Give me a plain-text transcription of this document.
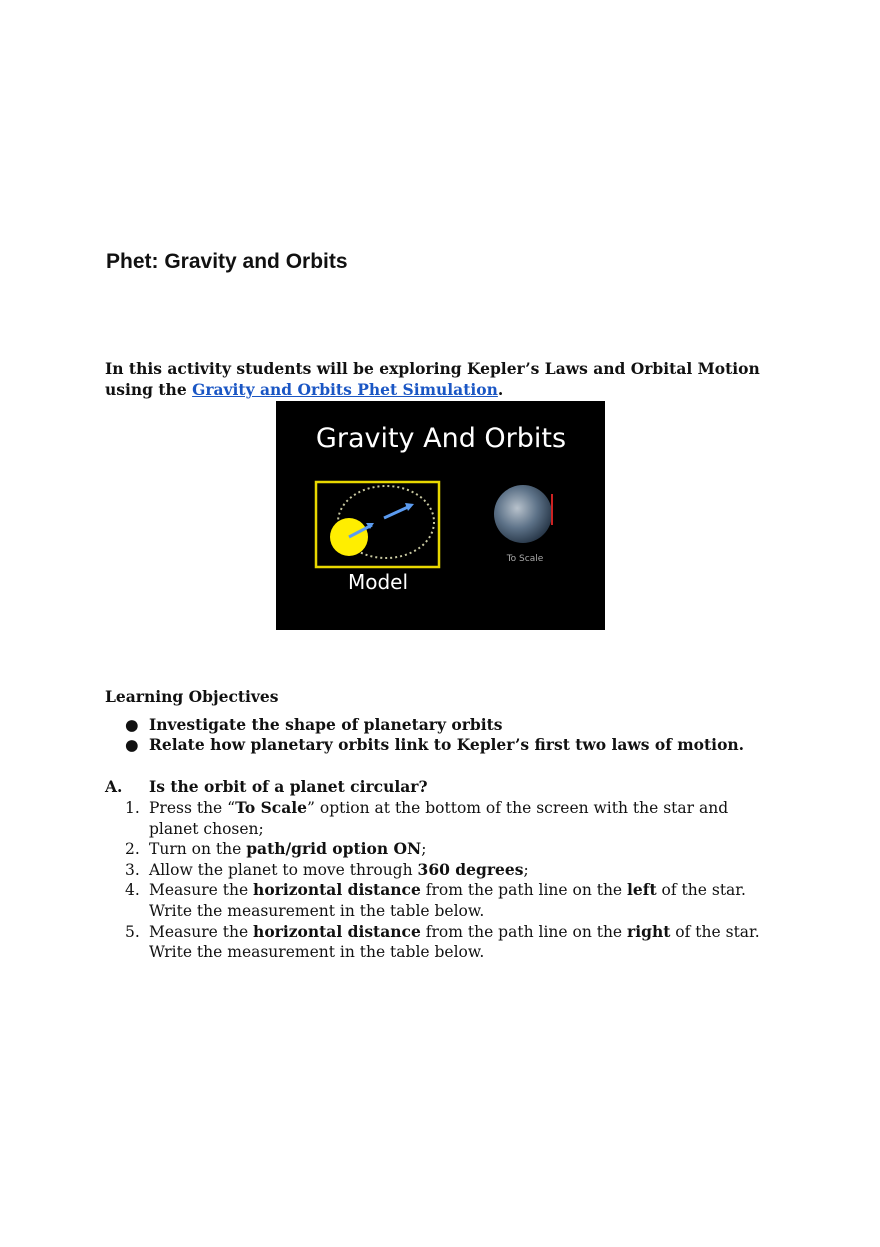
Phet: Gravity and Orbits

In this activity students will be exploring Kepler’s Laws and Orbital Motion using the Gravity and Orbits Phet Simulation.

Gravity And Orbits
Model
To Scale
Learning Objectives
● Investigate the shape of planetary orbits
● Relate how planetary orbits link to Kepler’s first two laws of motion.
A. Is the orbit of a planet circular?
1. Press the “To Scale” option at the bottom of the screen with the star and planet chosen;
2. Turn on the path/grid option ON;
3. Allow the planet to move through 360 degrees;
4. Measure the horizontal distance from the path line on the left of the star. Write the measurement in the table below.
5. Measure the horizontal distance from the path line on the right of the star. Write the measurement in the table below.
